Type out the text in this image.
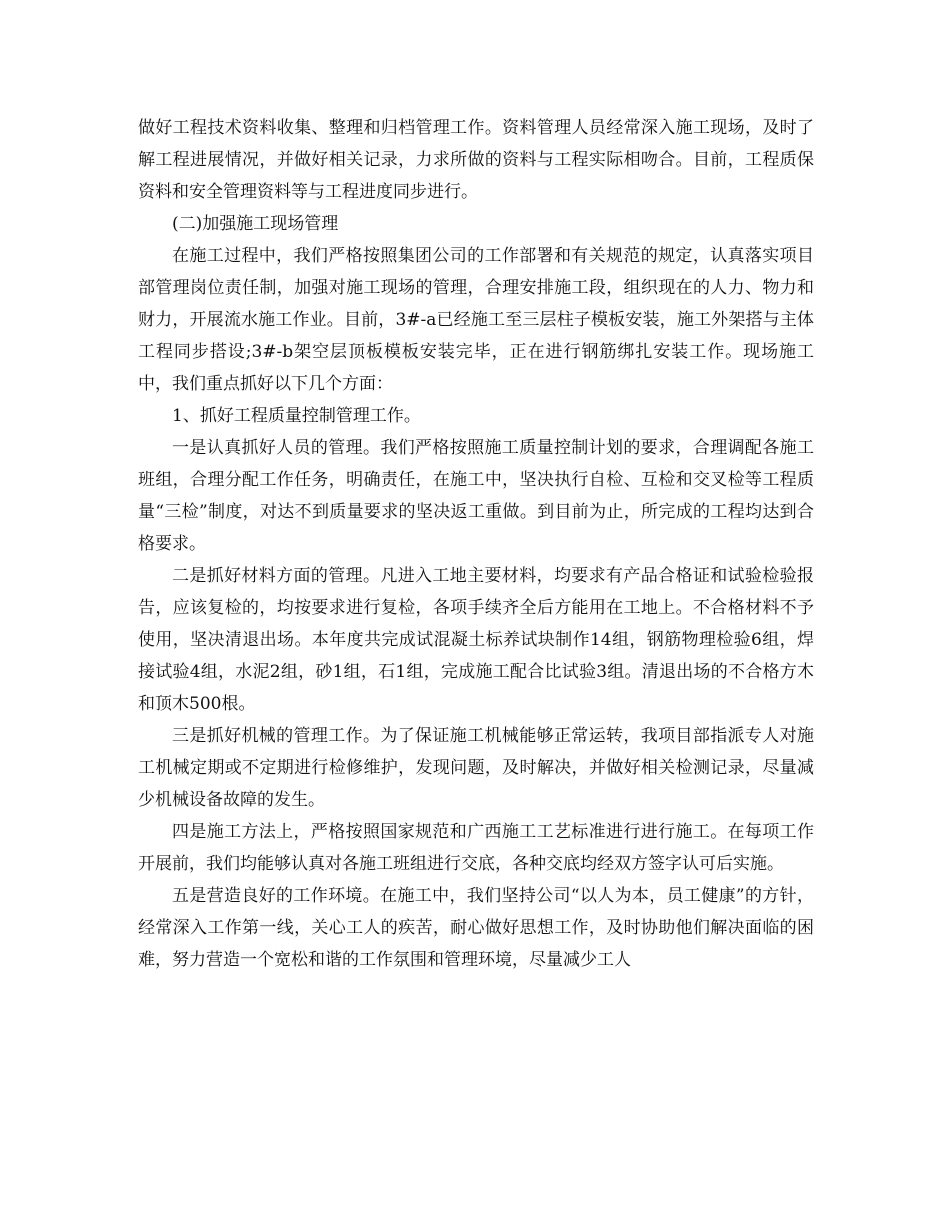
做好工程技术资料收集、整理和归档管理工作。资料管理人员经常深入施工现场，及时了解工程进展情况，并做好相关记录，力求所做的资料与工程实际相吻合。目前，工程质保资料和安全管理资料等与工程进度同步进行。

(二)加强施工现场管理

在施工过程中，我们严格按照集团公司的工作部署和有关规范的规定，认真落实项目部管理岗位责任制，加强对施工现场的管理，合理安排施工段，组织现在的人力、物力和财力，开展流水施工作业。目前，3#-a已经施工至三层柱子模板安装，施工外架搭与主体工程同步搭设;3#-b架空层顶板模板安装完毕，正在进行钢筋绑扎安装工作。现场施工中，我们重点抓好以下几个方面：

1、抓好工程质量控制管理工作。

一是认真抓好人员的管理。我们严格按照施工质量控制计划的要求，合理调配各施工班组，合理分配工作任务，明确责任，在施工中，坚决执行自检、互检和交叉检等工程质量“三检”制度，对达不到质量要求的坚决返工重做。到目前为止，所完成的工程均达到合格要求。

二是抓好材料方面的管理。凡进入工地主要材料，均要求有产品合格证和试验检验报告，应该复检的，均按要求进行复检，各项手续齐全后方能用在工地上。不合格材料不予使用，坚决清退出场。本年度共完成试混凝土标养试块制作14组，钢筋物理检验6组，焊接试验4组，水泥2组，砂1组，石1组，完成施工配合比试验3组。清退出场的不合格方木和顶木500根。

三是抓好机械的管理工作。为了保证施工机械能够正常运转，我项目部指派专人对施工机械定期或不定期进行检修维护，发现问题，及时解决，并做好相关检测记录，尽量减少机械设备故障的发生。

四是施工方法上，严格按照国家规范和广西施工工艺标准进行进行施工。在每项工作开展前，我们均能够认真对各施工班组进行交底，各种交底均经双方签字认可后实施。

五是营造良好的工作环境。在施工中，我们坚持公司“以人为本，员工健康”的方针，经常深入工作第一线，关心工人的疾苦，耐心做好思想工作，及时协助他们解决面临的困难，努力营造一个宽松和谐的工作氛围和管理环境，尽量减少工人
